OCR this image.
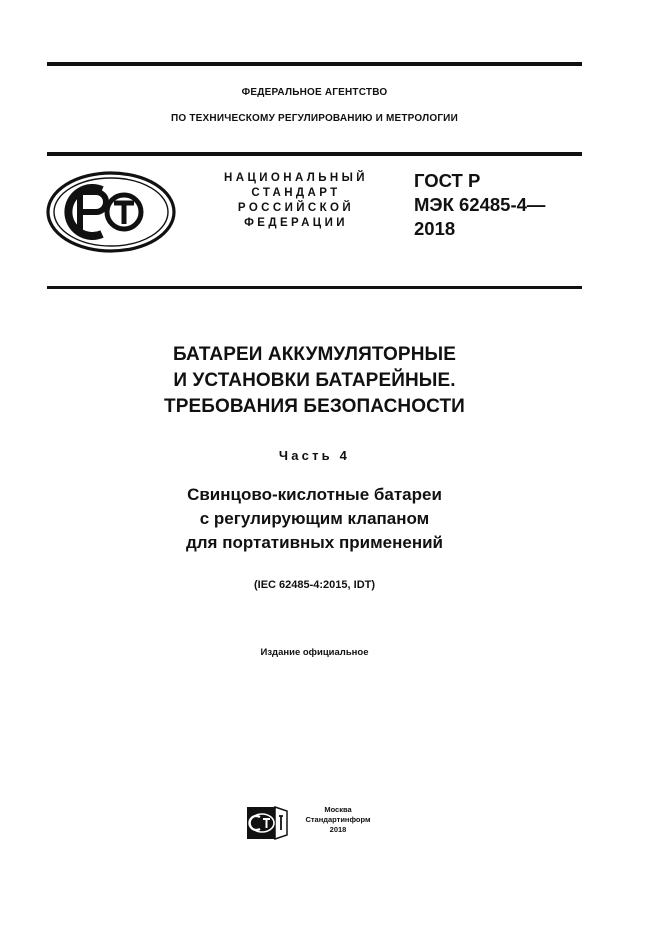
ФЕДЕРАЛЬНОЕ АГЕНТСТВО
ПО ТЕХНИЧЕСКОМУ РЕГУЛИРОВАНИЮ И МЕТРОЛОГИИ
НАЦИОНАЛЬНЫЙ
СТАНДАРТ
РОССИЙСКОЙ
ФЕДЕРАЦИИ
ГОСТ Р
МЭК 62485-4—
2018
БАТАРЕИ АККУМУЛЯТОРНЫЕ
И УСТАНОВКИ БАТАРЕЙНЫЕ.
ТРЕБОВАНИЯ БЕЗОПАСНОСТИ
Часть 4
Свинцово-кислотные батареи
с регулирующим клапаном
для портативных применений
(IEC 62485-4:2015, IDT)
Издание официальное
Москва
Стандартинформ
2018
